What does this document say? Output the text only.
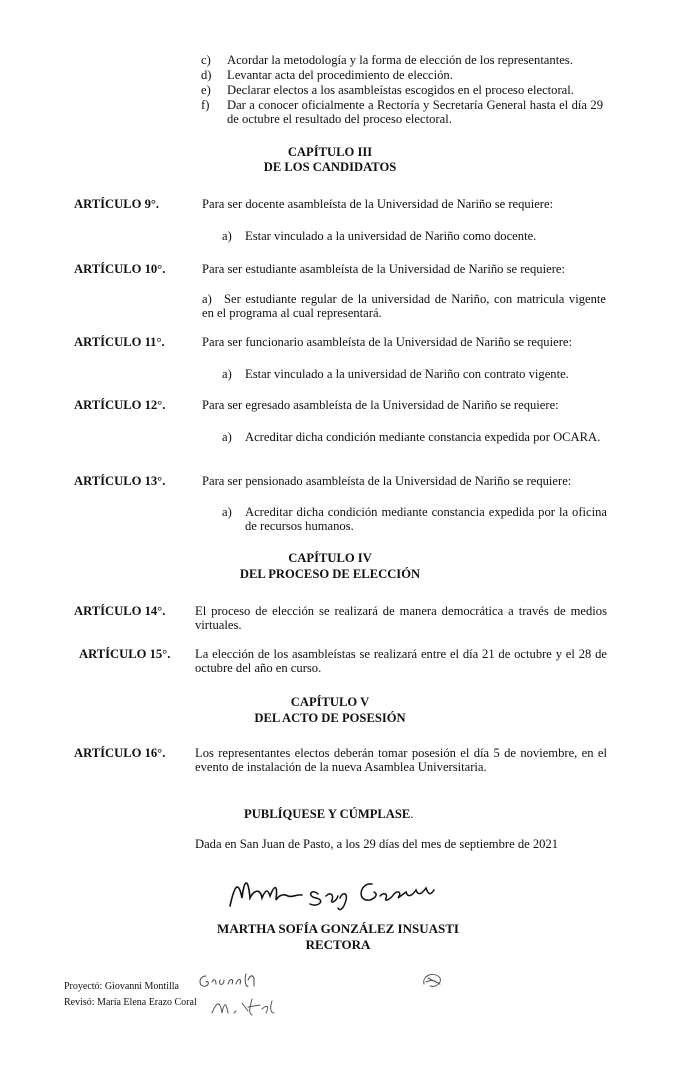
c) Acordar la metodología y la forma de elección de los representantes.
d) Levantar acta del procedimiento de elección.
e) Declarar electos a los asambleístas escogidos en el proceso electoral.
f) Dar a conocer oficialmente a Rectoría y Secretaría General hasta el día 29 de octubre el resultado del proceso electoral.
CAPÍTULO III
DE LOS CANDIDATOS
ARTÍCULO 9°.	Para ser docente asambleísta de la Universidad de Nariño se requiere:
a) Estar vinculado a la universidad de Nariño como docente.
ARTÍCULO 10°.	Para ser estudiante asambleísta de la Universidad de Nariño se requiere:
a) Ser estudiante regular de la universidad de Nariño, con matricula vigente en el programa al cual representará.
ARTÍCULO 11°.	Para ser funcionario asambleísta de la Universidad de Nariño se requiere:
a) Estar vinculado a la universidad de Nariño con contrato vigente.
ARTÍCULO 12°.	Para ser egresado asambleísta de la Universidad de Nariño se requiere:
a) Acreditar dicha condición mediante constancia expedida por OCARA.
ARTÍCULO 13°.	Para ser pensionado asambleísta de la Universidad de Nariño se requiere:
a) Acreditar dicha condición mediante constancia expedida por la oficina de recursos humanos.
CAPÍTULO IV
DEL PROCESO DE ELECCIÓN
ARTÍCULO 14°. El proceso de elección se realizará de manera democrática a través de medios virtuales.
ARTÍCULO 15°. La elección de los asambleístas se realizará entre el día 21 de octubre y el 28 de octubre del año en curso.
CAPÍTULO V
DEL ACTO DE POSESIÓN
ARTÍCULO 16°. Los representantes electos deberán tomar posesión el día 5 de noviembre, en el evento de instalación de la nueva Asamblea Universitaria.
PUBLÍQUESE Y CÚMPLASE.
Dada en San Juan de Pasto, a los 29 días del mes de septiembre de 2021
MARTHA SOFÍA GONZÁLEZ INSUASTI
RECTORA
Proyectó: Giovanni Montilla
Revisó: María Elena Erazo Coral
